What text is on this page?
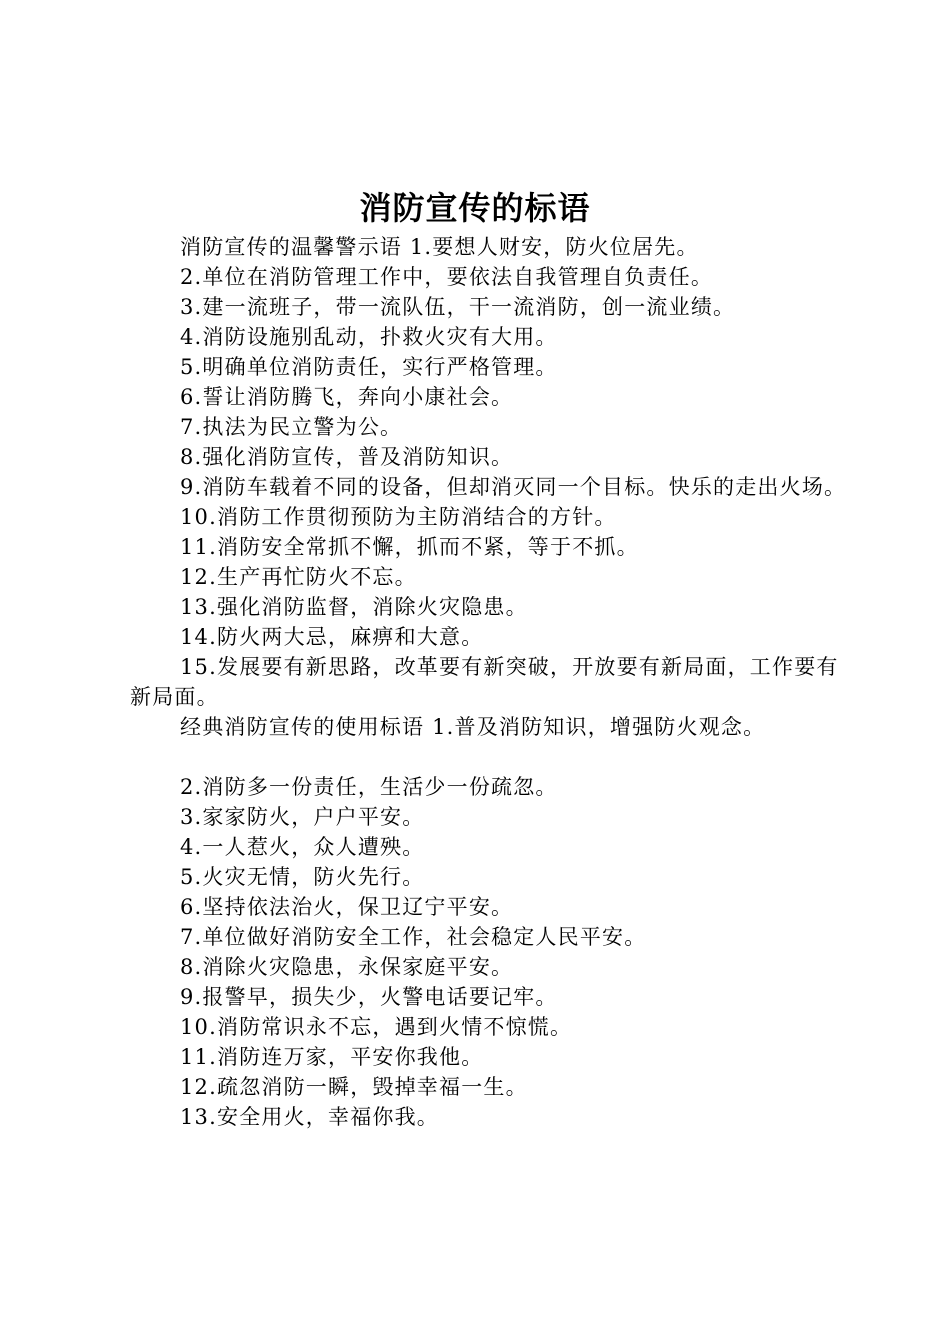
消防宣传的标语

消防宣传的温馨警示语 1.要想人财安，防火位居先。

2.单位在消防管理工作中，要依法自我管理自负责任。

3.建一流班子，带一流队伍，干一流消防，创一流业绩。

4.消防设施别乱动，扑救火灾有大用。

5.明确单位消防责任，实行严格管理。

6.誓让消防腾飞，奔向小康社会。

7.执法为民立警为公。

8.强化消防宣传，普及消防知识。

9.消防车载着不同的设备，但却消灭同一个目标。快乐的走出火场。

10.消防工作贯彻预防为主防消结合的方针。

11.消防安全常抓不懈，抓而不紧，等于不抓。

12.生产再忙防火不忘。

13.强化消防监督，消除火灾隐患。

14.防火两大忌，麻痹和大意。

15.发展要有新思路，改革要有新突破，开放要有新局面，工作要有新局面。

经典消防宣传的使用标语 1.普及消防知识，增强防火观念。

2.消防多一份责任，生活少一份疏忽。

3.家家防火，户户平安。

4.一人惹火，众人遭殃。

5.火灾无情，防火先行。

6.坚持依法治火，保卫辽宁平安。

7.单位做好消防安全工作，社会稳定人民平安。

8.消除火灾隐患，永保家庭平安。

9.报警早，损失少，火警电话要记牢。

10.消防常识永不忘，遇到火情不惊慌。

11.消防连万家，平安你我他。

12.疏忽消防一瞬，毁掉幸福一生。

13.安全用火，幸福你我。
